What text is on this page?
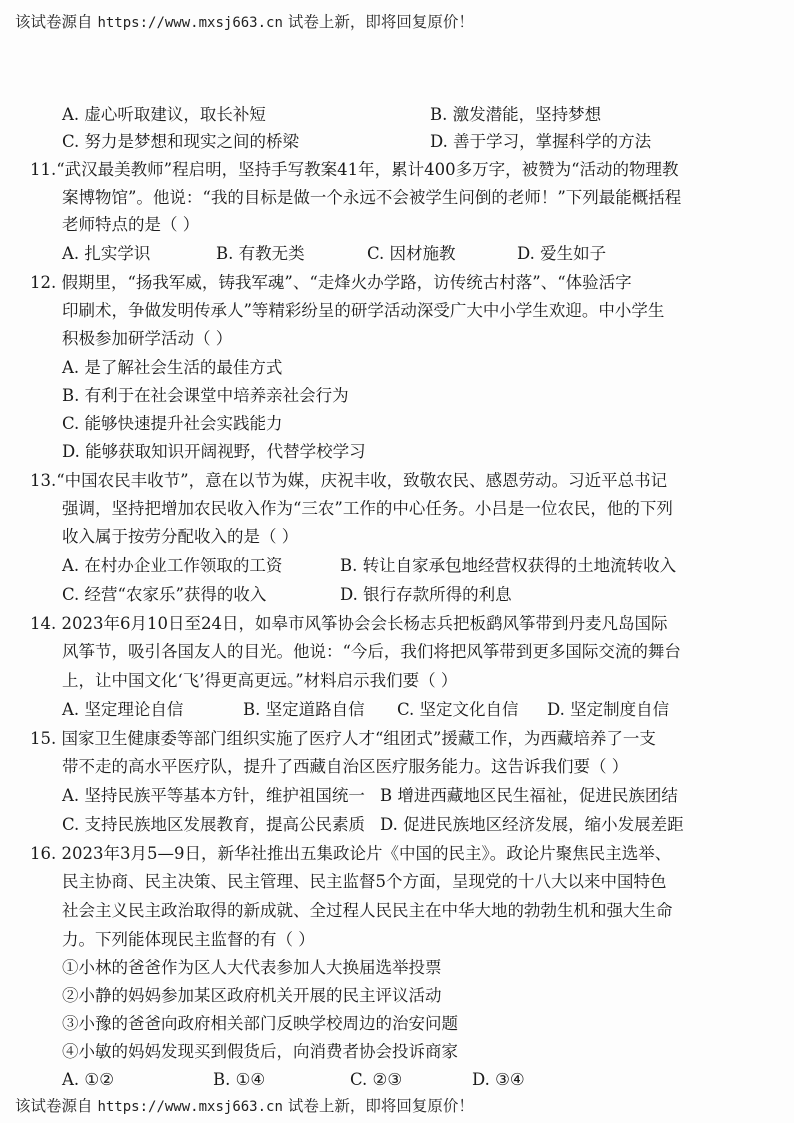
该试卷源自 https://www.mxsj663.cn 试卷上新，即将回复原价！
A. 虚心听取建议，取长补短	B. 激发潜能，坚持梦想
C. 努力是梦想和现实之间的桥梁	D. 善于学习，掌握科学的方法
11.“武汉最美教师”程启明，坚持手写教案41年，累计400多万字，被赞为“活动的物理教
案博物馆”。他说：“我的目标是做一个永远不会被学生问倒的老师！”下列最能概括程
老师特点的是（ ）
A. 扎实学识	B. 有教无类	C. 因材施教	D. 爱生如子
12. 假期里，“扬我军威，铸我军魂”、“走烽火办学路，访传统古村落”、“体验活字
印刷术，争做发明传承人”等精彩纷呈的研学活动深受广大中小学生欢迎。中小学生
积极参加研学活动（ ）
A. 是了解社会生活的最佳方式
B. 有利于在社会课堂中培养亲社会行为
C. 能够快速提升社会实践能力
D. 能够获取知识开阔视野，代替学校学习
13.“中国农民丰收节”，意在以节为媒，庆祝丰收，致敬农民、感恩劳动。习近平总书记
强调，坚持把增加农民收入作为“三农”工作的中心任务。小吕是一位农民，他的下列
收入属于按劳分配收入的是（ ）
A. 在村办企业工作领取的工资	B. 转让自家承包地经营权获得的土地流转收入
C. 经营“农家乐”获得的收入	D. 银行存款所得的利息
14. 2023年6月10日至24日，如皋市风筝协会会长杨志兵把板鹞风筝带到丹麦凡岛国际
风筝节，吸引各国友人的目光。他说：“今后，我们将把风筝带到更多国际交流的舞台
上，让中国文化‘飞’得更高更远。”材料启示我们要（ ）
A. 坚定理论自信	B. 坚定道路自信 C. 坚定文化自信 D. 坚定制度自信
15. 国家卫生健康委等部门组织实施了医疗人才“组团式”援藏工作，为西藏培养了一支
带不走的高水平医疗队，提升了西藏自治区医疗服务能力。这告诉我们要（ ）
A. 坚持民族平等基本方针，维护祖国统一 B 增进西藏地区民生福祉，促进民族团结
C. 支持民族地区发展教育，提高公民素质 D. 促进民族地区经济发展，缩小发展差距
16. 2023年3月5—9日，新华社推出五集政论片《中国的民主》。政论片聚焦民主选举、
民主协商、民主决策、民主管理、民主监督5个方面，呈现党的十八大以来中国特色
社会主义民主政治取得的新成就、全过程人民民主在中华大地的勃勃生机和强大生命
力。下列能体现民主监督的有（ ）
①小林的爸爸作为区人大代表参加人大换届选举投票
②小静的妈妈参加某区政府机关开展的民主评议活动
③小豫的爸爸向政府相关部门反映学校周边的治安问题
④小敏的妈妈发现买到假货后，向消费者协会投诉商家
A. ①②	B. ①④	C. ②③	D. ③④
该试卷源自 https://www.mxsj663.cn 试卷上新，即将回复原价！
